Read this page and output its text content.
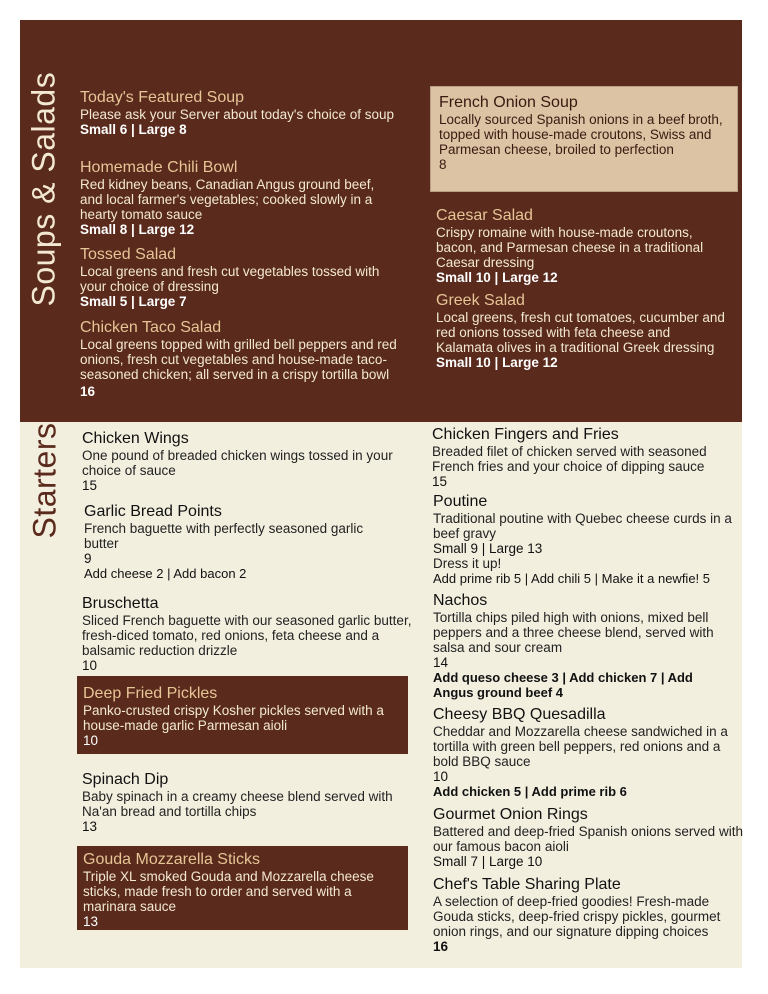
Soups & Salads
Starters
Today's Featured Soup
Please ask your Server about today's choice of soup
Small 6 | Large 8
Homemade Chili Bowl
Red kidney beans, Canadian Angus ground beef, and local farmer's vegetables; cooked slowly in a hearty tomato sauce
Small 8 | Large 12
Tossed Salad
Local greens and fresh cut vegetables tossed with your choice of dressing
Small 5 | Large 7
Chicken Taco Salad
Local greens topped with grilled bell peppers and red onions, fresh cut vegetables and house-made taco-seasoned chicken; all served in a crispy tortilla bowl
16
French Onion Soup
Locally sourced Spanish onions in a beef broth, topped with house-made croutons, Swiss and Parmesan cheese, broiled to perfection
8
Caesar Salad
Crispy romaine with house-made croutons, bacon, and Parmesan cheese in a traditional Caesar dressing
Small 10 | Large 12
Greek Salad
Local greens, fresh cut tomatoes, cucumber and red onions tossed with feta cheese and Kalamata olives in a traditional Greek dressing
Small 10 | Large 12
Chicken Wings
One pound of breaded chicken wings tossed in your choice of sauce
15
Garlic Bread Points
French baguette with perfectly seasoned garlic butter
9
Add cheese 2 | Add bacon 2
Bruschetta
Sliced French baguette with our seasoned garlic butter, fresh-diced tomato, red onions, feta cheese and a balsamic reduction drizzle
10
Deep Fried Pickles
Panko-crusted crispy Kosher pickles served with a house-made garlic Parmesan aioli
10
Spinach Dip
Baby spinach in a creamy cheese blend served with Na'an bread and tortilla chips
13
Gouda Mozzarella Sticks
Triple XL smoked Gouda and Mozzarella cheese sticks, made fresh to order and served with a marinara sauce
13
Chicken Fingers and Fries
Breaded filet of chicken served with seasoned French fries and your choice of dipping sauce
15
Poutine
Traditional poutine with Quebec cheese curds in a beef gravy
Small 9 | Large 13
Dress it up!
Add prime rib 5 | Add chili 5 | Make it a newfie! 5
Nachos
Tortilla chips piled high with onions, mixed bell peppers and a three cheese blend, served with salsa and sour cream
14
Add queso cheese 3 | Add chicken 7 | Add Angus ground beef 4
Cheesy BBQ Quesadilla
Cheddar and Mozzarella cheese sandwiched in a tortilla with green bell peppers, red onions and a bold BBQ sauce
10
Add chicken 5 | Add prime rib 6
Gourmet Onion Rings
Battered and deep-fried Spanish onions served with our famous bacon aioli
Small 7 | Large 10
Chef's Table Sharing Plate
A selection of deep-fried goodies! Fresh-made Gouda sticks, deep-fried crispy pickles, gourmet onion rings, and our signature dipping choices
16
